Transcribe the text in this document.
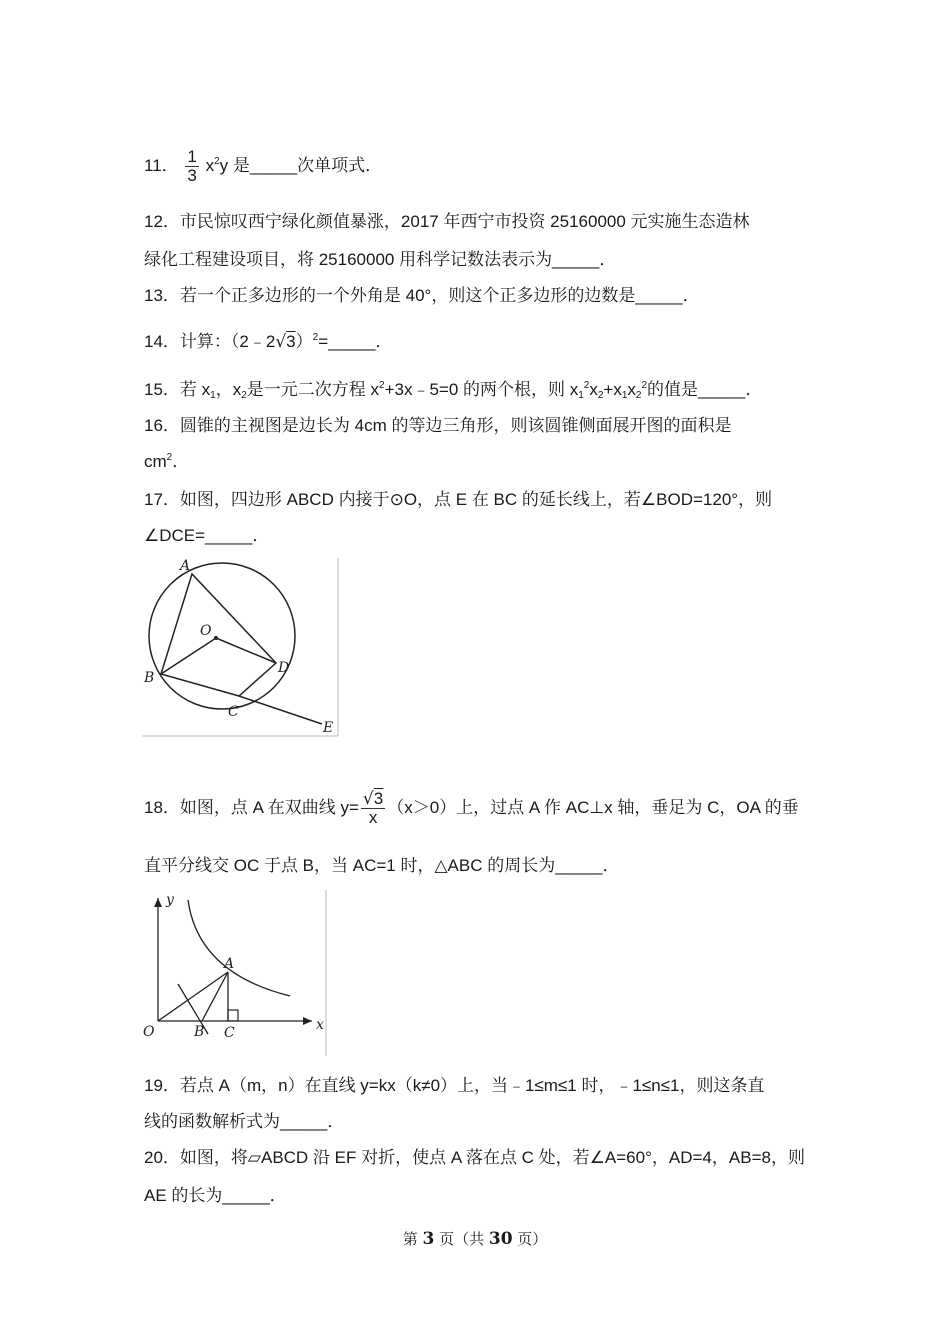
11． $\frac{1}{3} x^2y$ 是_____次单项式．
12．市民惊叹西宁绿化颜值暴涨，2017 年西宁市投资 25160000 元实施生态造林
绿化工程建设项目，将 25160000 用科学记数法表示为_____．
13．若一个正多边形的一个外角是 40°，则这个正多边形的边数是_____．
14．计算：（2﹣2√3）$^2$=_____．
15．若 $x_1$，$x_2$是一元二次方程 $x^2+3x﹣5=0$ 的两个根，则 $x_1^2x_2+x_1x_2^2$的值是_____．
16．圆锥的主视图是边长为 4cm 的等边三角形，则该圆锥侧面展开图的面积是
$cm^2$．
17．如图，四边形 ABCD 内接于⊙O，点 E 在 BC 的延长线上，若∠BOD=120°，则
∠DCE=_____．
A
O
B
C
D
E
18．如图，点 A 在双曲线 $y= \frac{√3}{x} (x>0)$上，过点 A 作 AC⊥x 轴，垂足为 C，OA 的垂
直平分线交 OC 于点 B，当 AC=1 时，△ABC 的周长为_____．
y
x
O
A
B C
19．若点 A（m，n）在直线 y=kx（k≠0）上，当﹣1≤m≤1 时，﹣1≤n≤1，则这条直
线的函数解析式为_____．
20．如图，将▱ABCD 沿 EF 对折，使点 A 落在点 C 处，若∠A=60°，AD=4，AB=8，则
AE 的长为_____．
第 3 页（共 30 页）
